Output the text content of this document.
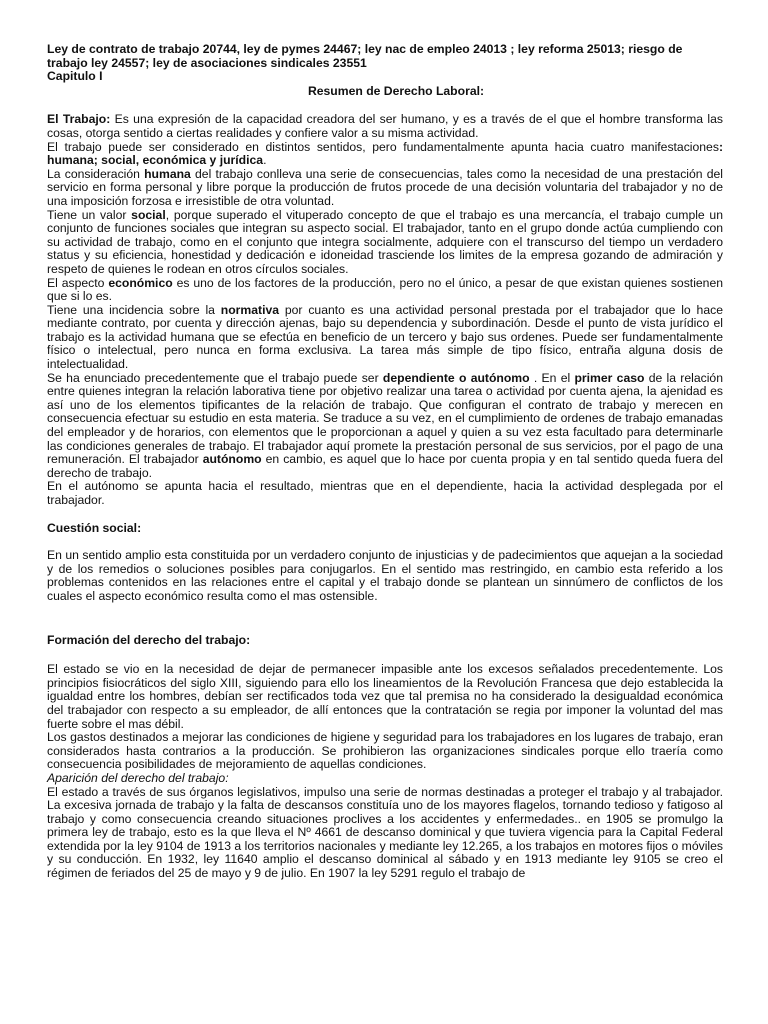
Ley de contrato de trabajo 20744, ley de pymes 24467; ley nac de empleo 24013 ; ley reforma 25013; riesgo de
trabajo ley 24557; ley de asociaciones sindicales 23551
Capitulo I
Resumen de Derecho Laboral:

El Trabajo: Es una expresión de la capacidad creadora del ser humano, y es a través de el que el hombre transforma las cosas, otorga sentido a ciertas realidades y confiere valor a su misma actividad.

El trabajo puede ser considerado en distintos sentidos, pero fundamentalmente apunta hacia cuatro manifestaciones: humana; social, económica y jurídica.

La consideración humana del trabajo conlleva una serie de consecuencias, tales como la necesidad de una prestación del servicio en forma personal y libre porque la producción de frutos procede de una decisión voluntaria del trabajador y no de una imposición forzosa e irresistible de otra voluntad.

Tiene un valor social, porque superado el vituperado concepto de que el trabajo es una mercancía, el trabajo cumple un conjunto de funciones sociales que integran su aspecto social. El trabajador, tanto en el grupo donde actúa cumpliendo con su actividad de trabajo, como en el conjunto que integra socialmente, adquiere con el transcurso del tiempo un verdadero status y su eficiencia, honestidad y dedicación e idoneidad trasciende los limites de la empresa gozando de admiración y respeto de quienes le rodean en otros círculos sociales.

El aspecto económico es uno de los factores de la producción, pero no el único, a pesar de que existan quienes sostienen que si lo es.

Tiene una incidencia sobre la normativa por cuanto es una actividad personal prestada por el trabajador que lo hace mediante contrato, por cuenta y dirección ajenas, bajo su dependencia y subordinación. Desde el punto de vista jurídico el trabajo es la actividad humana que se efectúa en beneficio de un tercero y bajo sus ordenes. Puede ser fundamentalmente físico o intelectual, pero nunca en forma exclusiva. La tarea más simple de tipo físico, entraña alguna dosis de intelectualidad.

Se ha enunciado precedentemente que el trabajo puede ser dependiente o autónomo . En el primer caso de la relación entre quienes integran la relación laborativa tiene por objetivo realizar una tarea o actividad por cuenta ajena, la ajenidad es así uno de los elementos tipificantes de la relación de trabajo. Que configuran el contrato de trabajo y merecen en consecuencia efectuar su estudio en esta materia. Se traduce a su vez, en el cumplimiento de ordenes de trabajo emanadas del empleador y de horarios, con elementos que le proporcionan a aquel y quien a su vez esta facultado para determinarle las condiciones generales de trabajo. El trabajador aquí promete la prestación personal de sus servicios, por el pago de una remuneración. El trabajador autónomo en cambio, es aquel que lo hace por cuenta propia y en tal sentido queda fuera del derecho de trabajo.

En el autónomo se apunta hacia el resultado, mientras que en el dependiente, hacia la actividad desplegada por el trabajador.

Cuestión social:

En un sentido amplio esta constituida por un verdadero conjunto de injusticias y de padecimientos que aquejan a la sociedad y de los remedios o soluciones posibles para conjugarlos. En el sentido mas restringido, en cambio esta referido a los problemas contenidos en las relaciones entre el capital y el trabajo donde se plantean un sinnúmero de conflictos de los cuales el aspecto económico resulta como el mas ostensible.

Formación del derecho del trabajo:

El estado se vio en la necesidad de dejar de permanecer impasible ante los excesos señalados precedentemente. Los principios fisiocráticos del siglo XIII, siguiendo para ello los lineamientos de la Revolución Francesa que dejo establecida la igualdad entre los hombres, debían ser rectificados toda vez que tal premisa no ha considerado la desigualdad económica del trabajador con respecto a su empleador, de allí entonces que la contratación se regia por imponer la voluntad del mas fuerte sobre el mas débil.

Los gastos destinados a mejorar las condiciones de higiene y seguridad para los trabajadores en los lugares de trabajo, eran considerados hasta contrarios a la producción. Se prohibieron las organizaciones sindicales porque ello traería como consecuencia posibilidades de mejoramiento de aquellas condiciones.

Aparición del derecho del trabajo:

El estado a través de sus órganos legislativos, impulso una serie de normas destinadas a proteger el trabajo y al trabajador. La excesiva jornada de trabajo y la falta de descansos constituía uno de los mayores flagelos, tornando tedioso y fatigoso al trabajo y como consecuencia creando situaciones proclives a los accidentes y enfermedades.. en 1905 se promulgo la primera ley de trabajo, esto es la que lleva el Nº 4661 de descanso dominical y que tuviera vigencia para la Capital Federal extendida por la ley 9104 de 1913 a los territorios nacionales y mediante ley 12.265, a los trabajos en motores fijos o móviles y su conducción. En 1932, ley 11640 amplio el descanso dominical al sábado y en 1913 mediante ley 9105 se creo el régimen de feriados del 25 de mayo y 9 de julio. En 1907 la ley 5291 regulo el trabajo de
